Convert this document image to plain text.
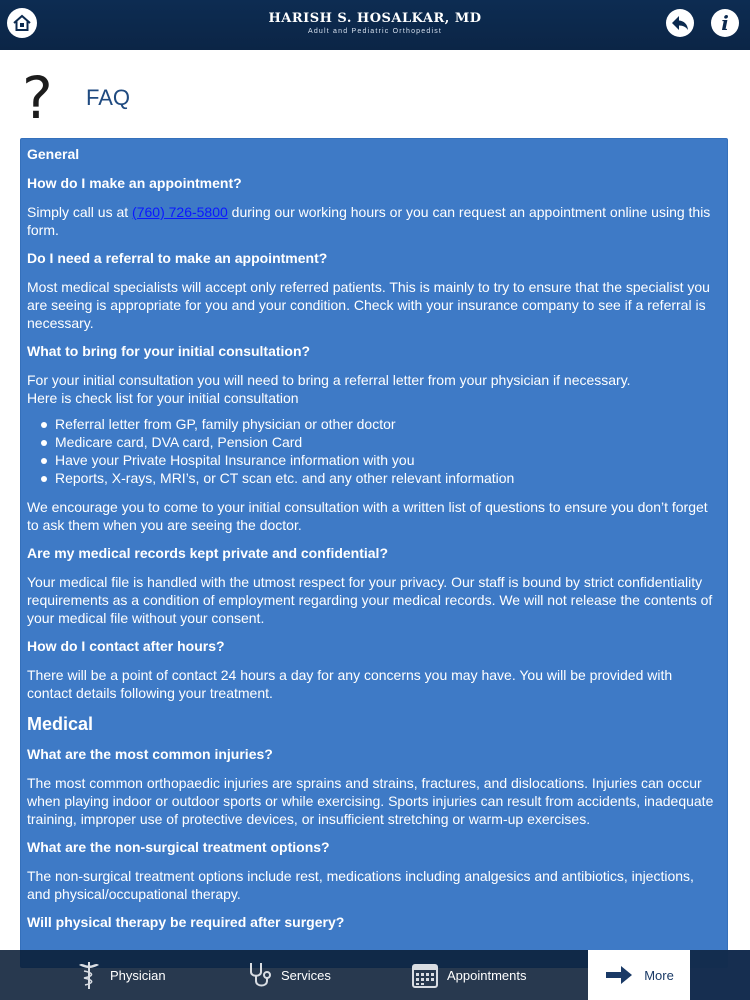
HARISH S. HOSALKAR, MD
Adult and Pediatric Orthopedist	i
?	FAQ
General
How do I make an appointment?
Simply call us at (760) 726-5800 during our working hours or you can request an appointment online using this form.
Do I need a referral to make an appointment?
Most medical specialists will accept only referred patients. This is mainly to try to ensure that the specialist you are seeing is appropriate for you and your condition. Check with your insurance company to see if a referral is necessary.
What to bring for your initial consultation?

For your initial consultation you will need to bring a referral letter from your physician if necessary.

Here is check list for your initial consultation

Referral letter from GP, family physician or other doctor
Medicare card, DVA card, Pension Card
Have your Private Hospital Insurance information with you
Reports, X-rays, MRI’s, or CT scan etc. and any other relevant information
We encourage you to come to your initial consultation with a written list of questions to ensure you don’t forget to ask them when you are seeing the doctor.
Are my medical records kept private and confidential?
Your medical file is handled with the utmost respect for your privacy. Our staff is bound by strict confidentiality requirements as a condition of employment regarding your medical records. We will not release the contents of your medical file without your consent.
How do I contact after hours?
There will be a point of contact 24 hours a day for any concerns you may have. You will be provided with contact details following your treatment.
Medical
What are the most common injuries?
The most common orthopaedic injuries are sprains and strains, fractures, and dislocations. Injuries can occur when playing indoor or outdoor sports or while exercising. Sports injuries can result from accidents, inadequate training, improper use of protective devices, or insufficient stretching or warm-up exercises.
What are the non-surgical treatment options?
The non-surgical treatment options include rest, medications including analgesics and antibiotics, injections, and physical/occupational therapy.
Will physical therapy be required after surgery?
Physician	Services	Appointments	More
